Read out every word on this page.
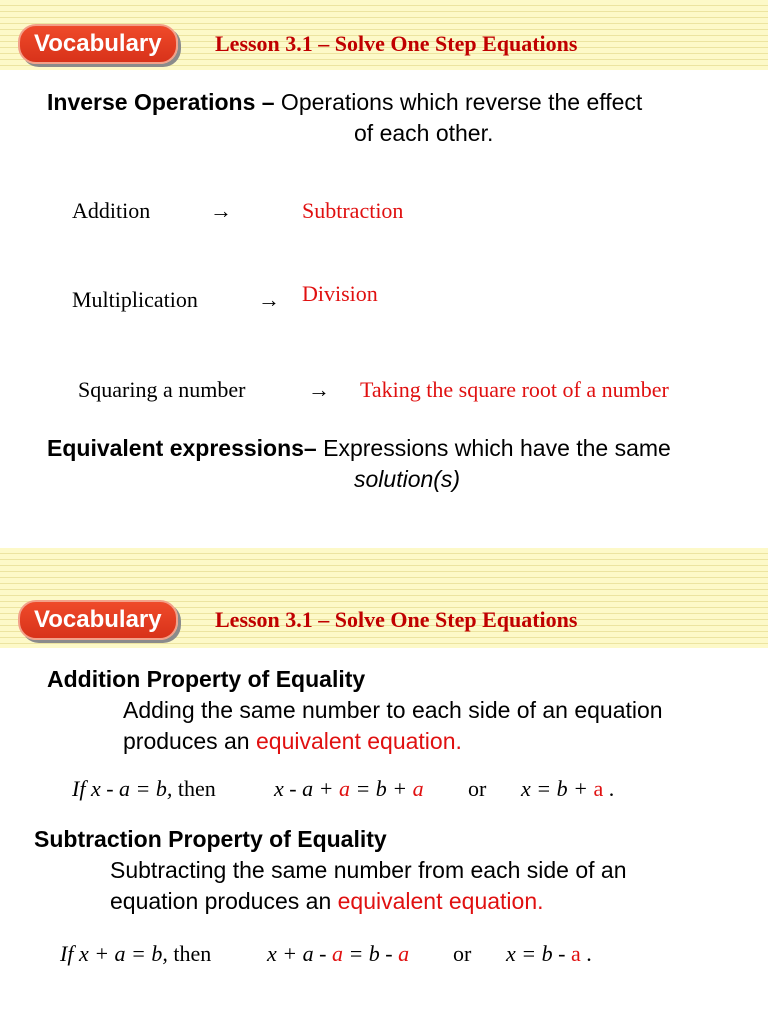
Vocabulary	Lesson 3.1 – Solve One Step Equations
Inverse Operations – Operations which reverse the effect
of each other.
Addition	→	Subtraction
Multiplication	→ Division
Squaring a number	→ Taking the square root of a number
Equivalent expressions– Expressions which have the same
solution(s)
Vocabulary	Lesson 3.1 – Solve One Step Equations
Addition Property of Equality
Adding the same number to each side of an equation
produces an equivalent equation.
If x - a = b, then	x - a + a = b + a or x = b + a .
Subtraction Property of Equality
Subtracting the same number from each side of an
equation produces an equivalent equation.
If x + a = b, then	x + a - a = b - a or x = b - a .
